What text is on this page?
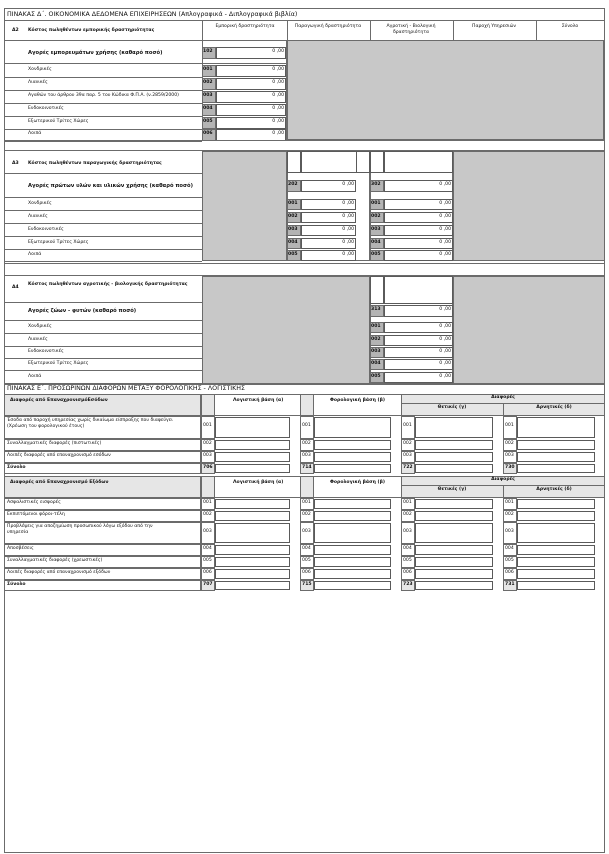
ΠΙΝΑΚΑΣ Δ΄. ΟΙΚΟΝΟΜΙΚΑ ΔΕΔΟΜΕΝΑ ΕΠΙΧΕΙΡΗΣΕΩΝ (Απλογραφικά - Διπλογραφικά βιβλία)
Δ2 Κόστος πωληθέντων εμπορικής δραστηριότητας
Εμπορική δραστηριότητα	Παραγωγική δραστηριότητα	Αγροτική - Βιολογική δραστηριότητα
Παροχή Υπηρεσιών	Σύνολο
Αγορές εμπορευμάτων χρήσης (καθαρό ποσό)	102	0 ,00
Χονδρικές	001	0 ,00
Λιανικές	002	0 ,00
Αγαθών του άρθρου 39α παρ. 5 του Κώδικα Φ.Π.Α. (ν.2859/2000)	003	0 ,00
Ενδοκοινοτικές	004	0 ,00
Εξωτερικού Τρίτες Χώρες	005	0 ,00
Λοιπά	006	0 ,00
Δ3 Κόστος πωληθέντων παραγωγικής δραστηριότητας
Αγορές πρώτων υλών και υλικών χρήσης (καθαρό ποσό)	202	0 ,00	302	0 ,00
Χονδρικές	001	0 ,00	001	0 ,00
Λιανικές	002	0 ,00	002	0 ,00
Ενδοκοινοτικές	003	0 ,00	003	0 ,00
Εξωτερικού Τρίτες Χώρες	004	0 ,00	004	0 ,00
Λοιπά	005	0 ,00	005	0 ,00
Δ4
Κόστος πωληθέντων αγροτικής - βιολογικής δραστηριότητας
Αγορές ζώων - φυτών (καθαρό ποσό)	313	0 ,00
Χονδρικές	001	0 ,00
Λιανικές	002	0 ,00
Ενδοκοινοτικές	003	0 ,00
Εξωτερικού Τρίτες Χώρες	004	0 ,00
Λοιπά	005	0 ,00
ΠΙΝΑΚΑΣ Ε΄. ΠΡΟΣΩΡΙΝΩΝ ΔΙΑΦΟΡΩΝ ΜΕΤΑΞΥ ΦΟΡΟΛΟΓΙΚΗΣ - ΛΟΓΙΣΤΙΚΗΣ
Διαφορές από ΕπαναχρονισμόΕσόδων	Λογιστική βάση (α)	Φορολογική βάση (β)
Διαφορές
Θετικές (γ)	Αρνητικές (δ)
Έσοδα από παροχή υπηρεσίας χωρίς δικαίωμα είσπραξης που διαφεύγει
(Χρέωση του φορολογικού έτους)	001	001	001	001
Συναλλαγματικές διαφορές (πιστωτικές)	002	002	002	002
Λοιπές διαφορές από επαναχρονισμό εσόδων	003	003	003	003
Σύνολο	706	714	722	730
Διαφορές από Επαναχρονισμό Εξόδων	Λογιστική βάση (α)	Φορολογική βάση (β)
Διαφορές
Θετικές (γ)	Αρνητικές (δ)
Ασφαλιστικές εισφορές	001	001	001	001
Εκπιπτόμενοι φόροι-τέλη	002	002	002	002
Προβλέψεις για αποζημίωση προσωπικού λόγω εξόδου από την
υπηρεσία	003	003	003	003
Αποσβέσεις	004	004	004	004
Συναλλαγματικές διαφορές (χρεωστικές)	005	005	005	005
Λοιπές διαφορές από επαναχρονισμό εξόδων	006	006	006	006
Σύνολο	707	715	723	731
